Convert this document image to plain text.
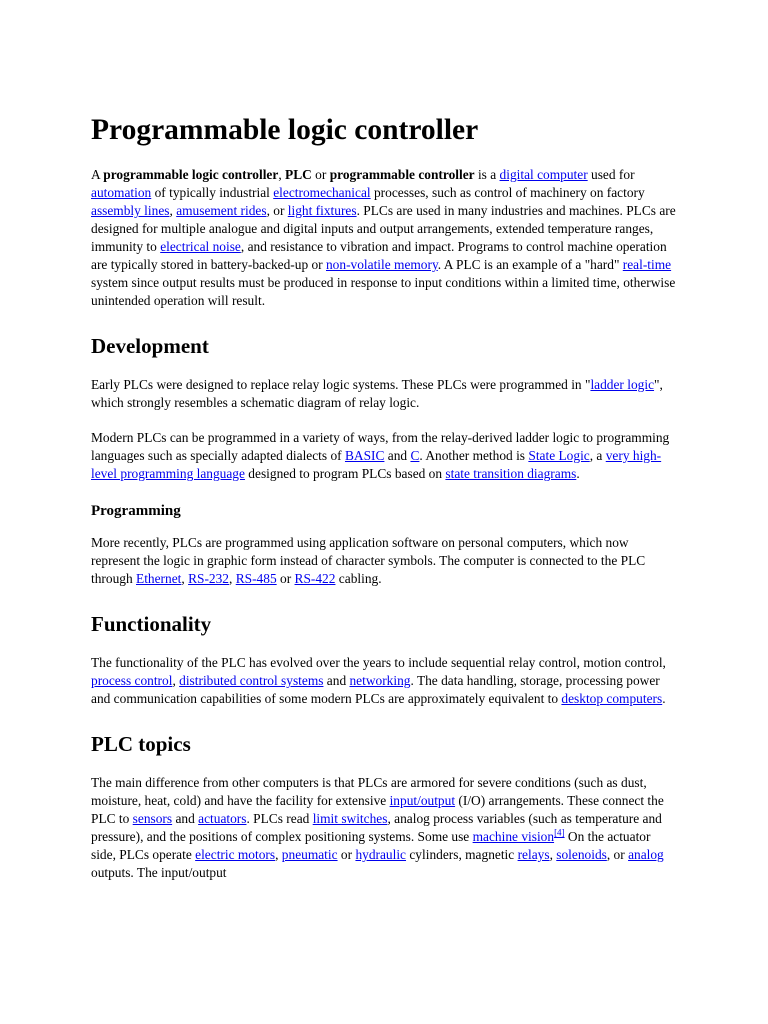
Programmable logic controller

A programmable logic controller, PLC or programmable controller is a digital computer used for automation of typically industrial electromechanical processes, such as control of machinery on factory assembly lines, amusement rides, or light fixtures. PLCs are used in many industries and machines. PLCs are designed for multiple analogue and digital inputs and output arrangements, extended temperature ranges, immunity to electrical noise, and resistance to vibration and impact. Programs to control machine operation are typically stored in battery-backed-up or non-volatile memory. A PLC is an example of a "hard" real-time system since output results must be produced in response to input conditions within a limited time, otherwise unintended operation will result.

Development

Early PLCs were designed to replace relay logic systems. These PLCs were programmed in "ladder logic", which strongly resembles a schematic diagram of relay logic.

Modern PLCs can be programmed in a variety of ways, from the relay-derived ladder logic to programming languages such as specially adapted dialects of BASIC and C. Another method is State Logic, a very high-level programming language designed to program PLCs based on state transition diagrams.

Programming

More recently, PLCs are programmed using application software on personal computers, which now represent the logic in graphic form instead of character symbols. The computer is connected to the PLC through Ethernet, RS-232, RS-485 or RS-422 cabling.

Functionality

The functionality of the PLC has evolved over the years to include sequential relay control, motion control, process control, distributed control systems and networking. The data handling, storage, processing power and communication capabilities of some modern PLCs are approximately equivalent to desktop computers.

PLC topics

The main difference from other computers is that PLCs are armored for severe conditions (such as dust, moisture, heat, cold) and have the facility for extensive input/output (I/O) arrangements. These connect the PLC to sensors and actuators. PLCs read limit switches, analog process variables (such as temperature and pressure), and the positions of complex positioning systems. Some use machine vision[4] On the actuator side, PLCs operate electric motors, pneumatic or hydraulic cylinders, magnetic relays, solenoids, or analog outputs. The input/output
